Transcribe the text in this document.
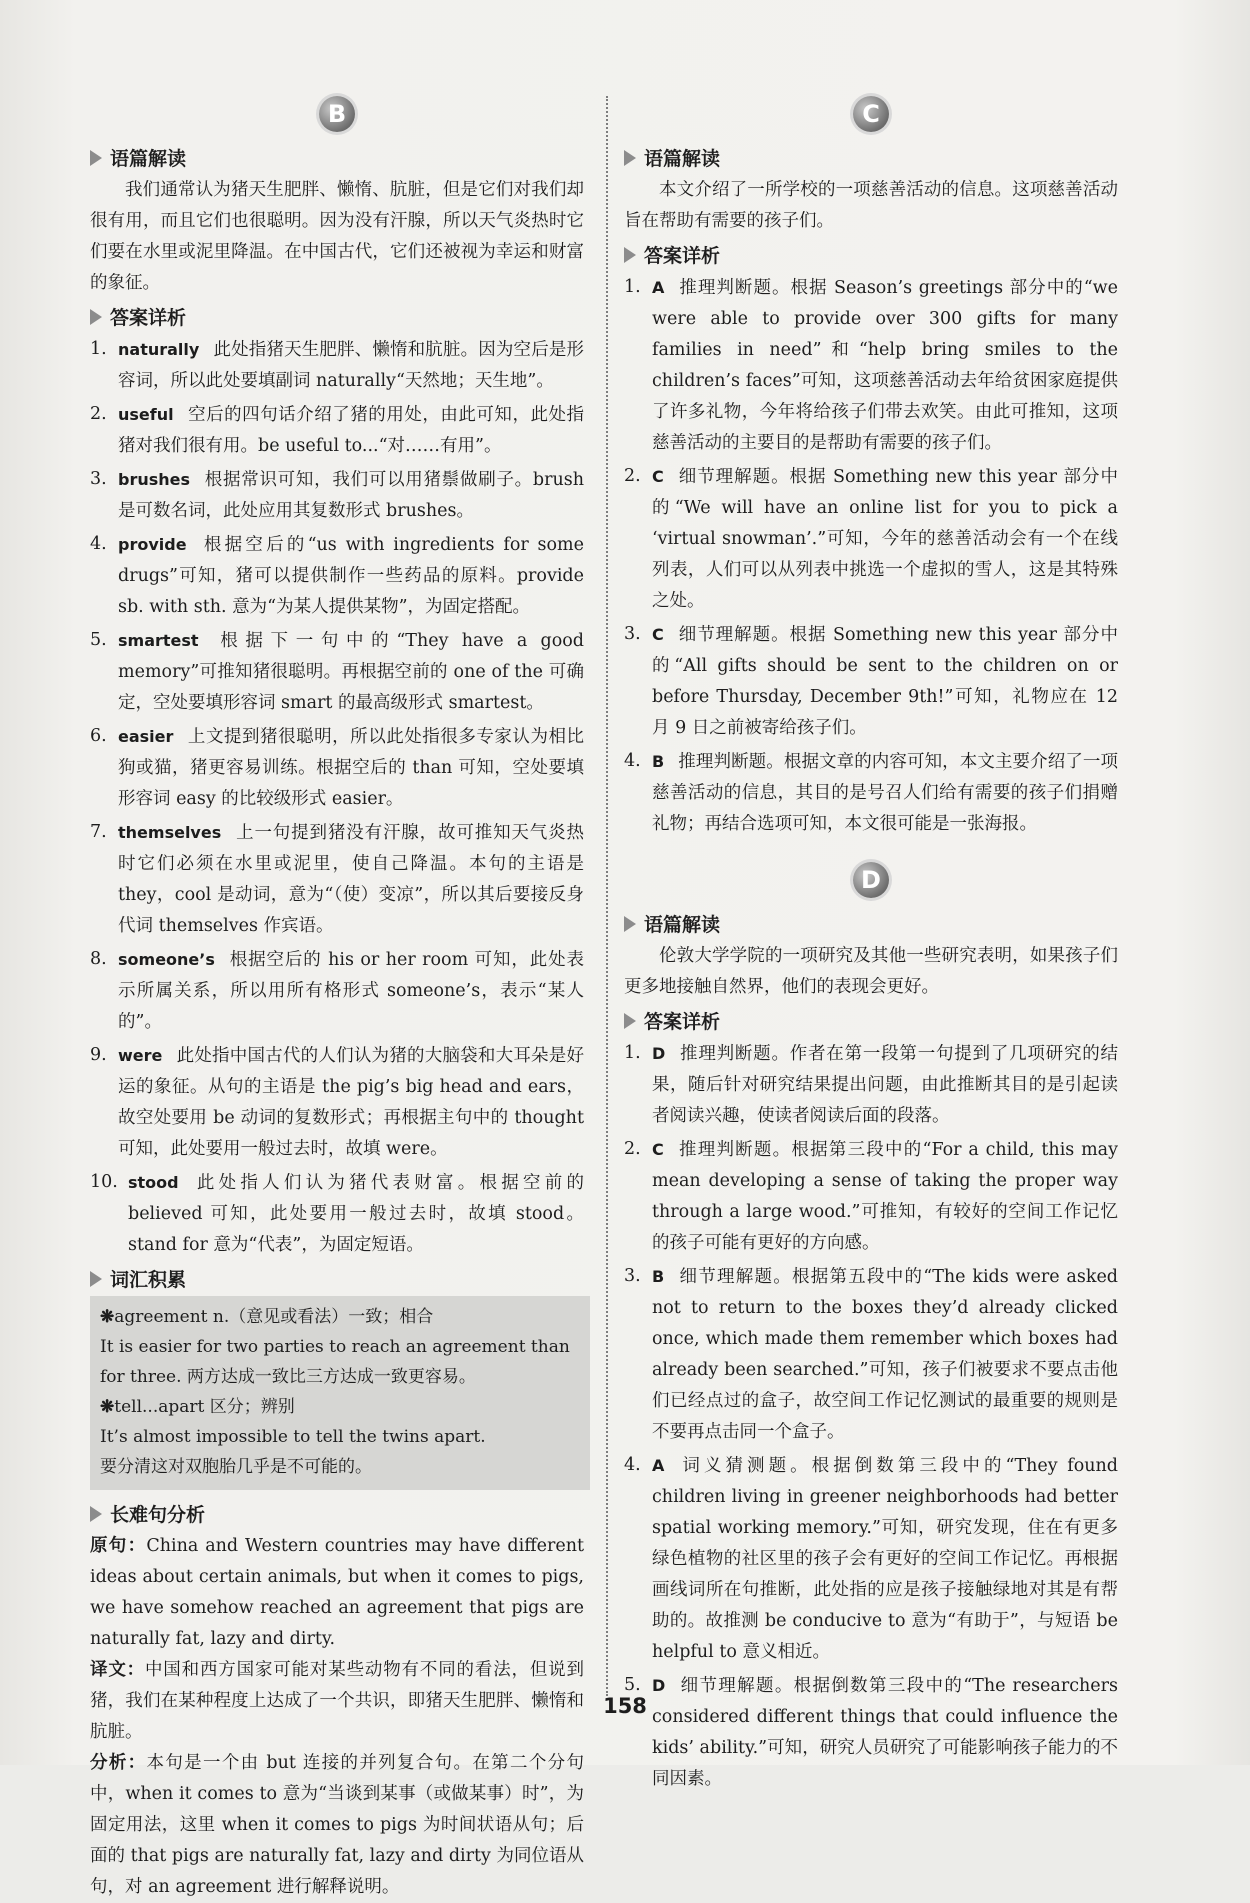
B
语篇解读

我们通常认为猪天生肥胖、懒惰、肮脏，但是它们对我们却很有用，而且它们也很聪明。因为没有汗腺，所以天气炎热时它们要在水里或泥里降温。在中国古代，它们还被视为幸运和财富的象征。

答案详析
1. naturally 此处指猪天生肥胖、懒惰和肮脏。因为空后是形容词，所以此处要填副词 naturally“天然地；天生地”。
2. useful 空后的四句话介绍了猪的用处，由此可知，此处指猪对我们很有用。be useful to...“对……有用”。
3. brushes 根据常识可知，我们可以用猪鬃做刷子。brush 是可数名词，此处应用其复数形式 brushes。
4. provide 根据空后的“us with ingredients for some drugs”可知，猪可以提供制作一些药品的原料。provide sb. with sth. 意为“为某人提供某物”，为固定搭配。
5. smartest 根据下一句中的“They have a good memory”可推知猪很聪明。再根据空前的 one of the 可确定，空处要填形容词 smart 的最高级形式 smartest。
6. easier 上文提到猪很聪明，所以此处指很多专家认为相比狗或猫，猪更容易训练。根据空后的 than 可知，空处要填形容词 easy 的比较级形式 easier。
7. themselves 上一句提到猪没有汗腺，故可推知天气炎热时它们必须在水里或泥里，使自己降温。本句的主语是 they，cool 是动词，意为“（使）变凉”，所以其后要接反身代词 themselves 作宾语。
8. someone’s 根据空后的 his or her room 可知，此处表示所属关系，所以用所有格形式 someone’s，表示“某人的”。
9. were 此处指中国古代的人们认为猪的大脑袋和大耳朵是好运的象征。从句的主语是 the pig’s big head and ears，故空处要用 be 动词的复数形式；再根据主句中的 thought 可知，此处要用一般过去时，故填 were。
10. stood 此处指人们认为猪代表财富。根据空前的 believed 可知，此处要用一般过去时，故填 stood。stand for 意为“代表”，为固定短语。
词汇积累

❋agreement n.（意见或看法）一致；相合

It is easier for two parties to reach an agreement than for three. 两方达成一致比三方达成一致更容易。

❋tell...apart 区分；辨别

It’s almost impossible to tell the twins apart.

要分清这对双胞胎几乎是不可能的。

长难句分析

原句：China and Western countries may have different ideas about certain animals, but when it comes to pigs, we have somehow reached an agreement that pigs are naturally fat, lazy and dirty.

译文：中国和西方国家可能对某些动物有不同的看法，但说到猪，我们在某种程度上达成了一个共识，即猪天生肥胖、懒惰和肮脏。

分析：本句是一个由 but 连接的并列复合句。在第二个分句中，when it comes to 意为“当谈到某事（或做某事）时”，为固定用法，这里 when it comes to pigs 为时间状语从句；后面的 that pigs are naturally fat, lazy and dirty 为同位语从句，对 an agreement 进行解释说明。

C
语篇解读

本文介绍了一所学校的一项慈善活动的信息。这项慈善活动旨在帮助有需要的孩子们。

答案详析
1. A 推理判断题。根据 Season’s greetings 部分中的“we were able to provide over 300 gifts for many families in need”和“help bring smiles to the children’s faces”可知，这项慈善活动去年给贫困家庭提供了许多礼物，今年将给孩子们带去欢笑。由此可推知，这项慈善活动的主要目的是帮助有需要的孩子们。
2. C 细节理解题。根据 Something new this year 部分中的“We will have an online list for you to pick a ‘virtual snowman’.”可知，今年的慈善活动会有一个在线列表，人们可以从列表中挑选一个虚拟的雪人，这是其特殊之处。
3. C 细节理解题。根据 Something new this year 部分中的“All gifts should be sent to the children on or before Thursday, December 9th!”可知，礼物应在 12 月 9 日之前被寄给孩子们。
4. B 推理判断题。根据文章的内容可知，本文主要介绍了一项慈善活动的信息，其目的是号召人们给有需要的孩子们捐赠礼物；再结合选项可知，本文很可能是一张海报。
D
语篇解读

伦敦大学学院的一项研究及其他一些研究表明，如果孩子们更多地接触自然界，他们的表现会更好。

答案详析
1. D 推理判断题。作者在第一段第一句提到了几项研究的结果，随后针对研究结果提出问题，由此推断其目的是引起读者阅读兴趣，使读者阅读后面的段落。
2. C 推理判断题。根据第三段中的“For a child, this may mean developing a sense of taking the proper way through a large wood.”可推知，有较好的空间工作记忆的孩子可能有更好的方向感。
3. B 细节理解题。根据第五段中的“The kids were asked not to return to the boxes they’d already clicked once, which made them remember which boxes had already been searched.”可知，孩子们被要求不要点击他们已经点过的盒子，故空间工作记忆测试的最重要的规则是不要再点击同一个盒子。
4. A 词义猜测题。根据倒数第三段中的“They found children living in greener neighborhoods had better spatial working memory.”可知，研究发现，住在有更多绿色植物的社区里的孩子会有更好的空间工作记忆。再根据画线词所在句推断，此处指的应是孩子接触绿地对其是有帮助的。故推测 be conducive to 意为“有助于”，与短语 be helpful to 意义相近。
5. D 细节理解题。根据倒数第三段中的“The researchers considered different things that could influence the kids’ ability.”可知，研究人员研究了可能影响孩子能力的不同因素。
158
